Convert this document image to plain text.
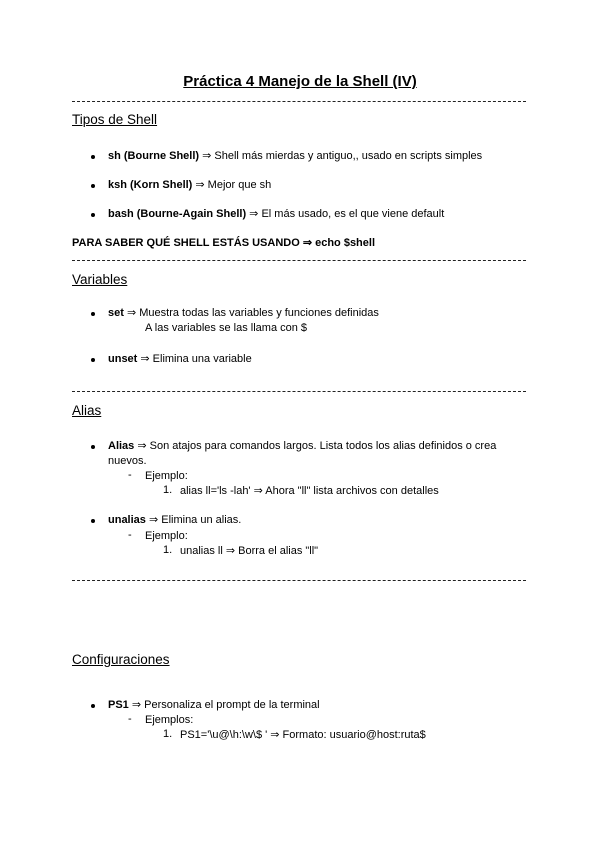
Práctica 4 Manejo de la Shell (IV)
Tipos de Shell
sh (Bourne Shell) ⇒ Shell más mierdas y antiguo,, usado en scripts simples
ksh (Korn Shell) ⇒ Mejor que sh
bash (Bourne-Again Shell) ⇒ El más usado, es el que viene default
PARA SABER QUÉ SHELL ESTÁS USANDO ⇒ echo $shell
Variables
set ⇒ Muestra todas las variables y funciones definidas
A las variables se las llama con $
unset ⇒ Elimina una variable
Alias
Alias ⇒ Son atajos para comandos largos. Lista todos los alias definidos o crea
nuevos.
- Ejemplo:
1. alias ll='ls -lah' ⇒ Ahora "ll" lista archivos con detalles
unalias ⇒ Elimina un alias.
- Ejemplo:
1. unalias ll ⇒ Borra el alias "ll"
Configuraciones
PS1 ⇒ Personaliza el prompt de la terminal
- Ejemplos:
1. PS1='\u@\h:\w\$ ' ⇒ Formato: usuario@host:ruta$
